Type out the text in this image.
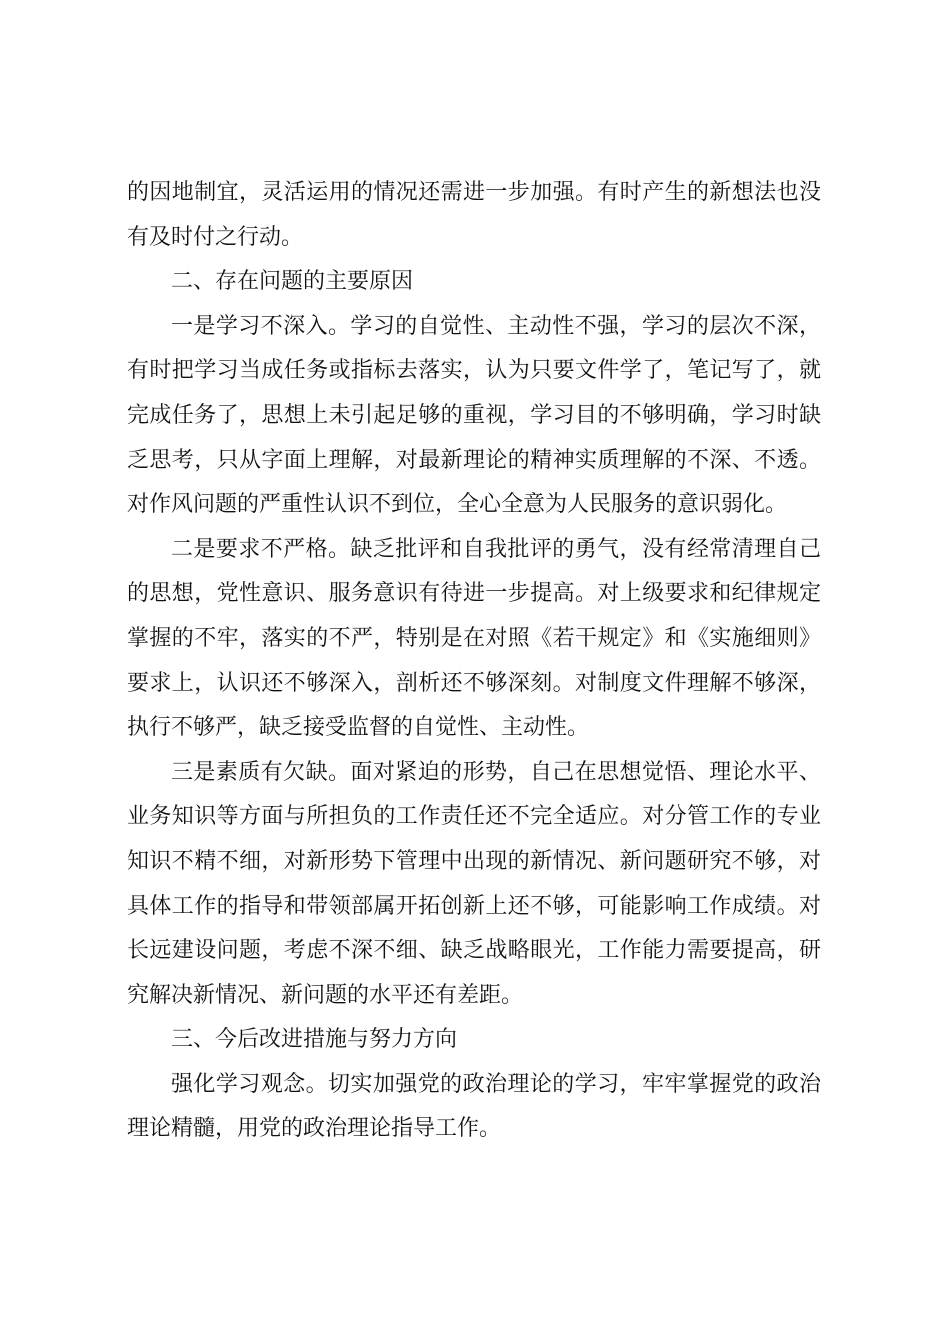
的因地制宜，灵活运用的情况还需进一步加强。有时产生的新想法也没有及时付之行动。

二、存在问题的主要原因

一是学习不深入。学习的自觉性、主动性不强，学习的层次不深，有时把学习当成任务或指标去落实，认为只要文件学了，笔记写了，就完成任务了，思想上未引起足够的重视，学习目的不够明确，学习时缺乏思考，只从字面上理解，对最新理论的精神实质理解的不深、不透。对作风问题的严重性认识不到位，全心全意为人民服务的意识弱化。

二是要求不严格。缺乏批评和自我批评的勇气，没有经常清理自己的思想，党性意识、服务意识有待进一步提高。对上级要求和纪律规定掌握的不牢，落实的不严，特别是在对照《若干规定》和《实施细则》要求上，认识还不够深入，剖析还不够深刻。对制度文件理解不够深，执行不够严，缺乏接受监督的自觉性、主动性。

三是素质有欠缺。面对紧迫的形势，自己在思想觉悟、理论水平、业务知识等方面与所担负的工作责任还不完全适应。对分管工作的专业知识不精不细，对新形势下管理中出现的新情况、新问题研究不够，对具体工作的指导和带领部属开拓创新上还不够，可能影响工作成绩。对长远建设问题，考虑不深不细、缺乏战略眼光，工作能力需要提高，研究解决新情况、新问题的水平还有差距。

三、今后改进措施与努力方向

强化学习观念。切实加强党的政治理论的学习，牢牢掌握党的政治理论精髓，用党的政治理论指导工作。
